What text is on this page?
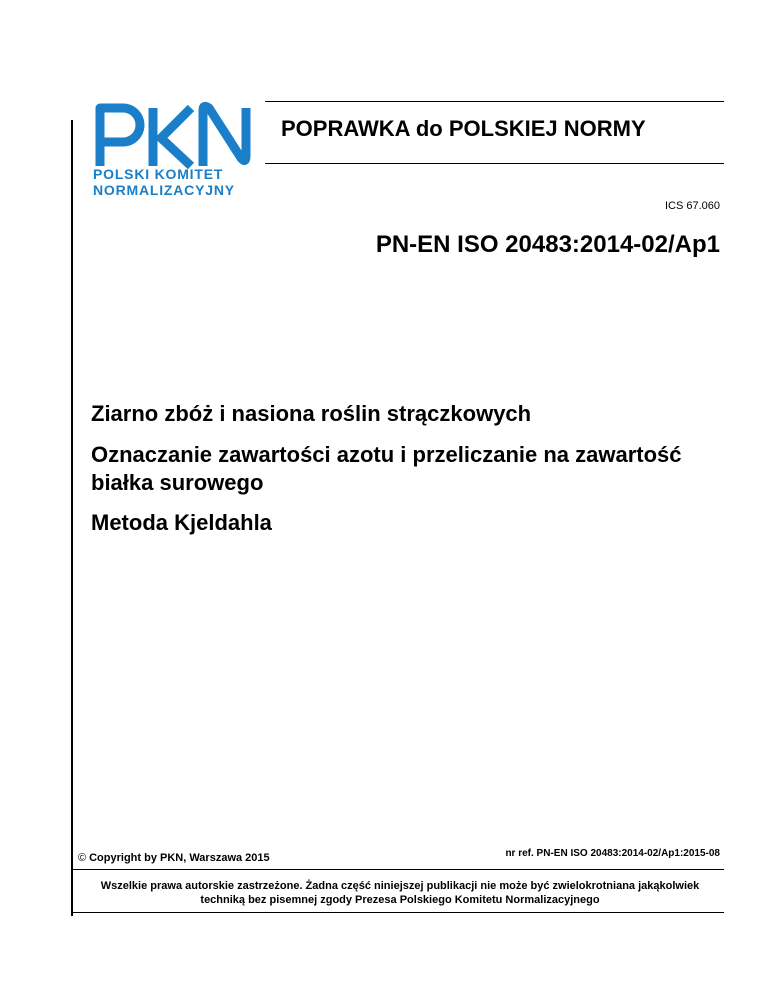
POLSKI KOMITET
NORMALIZACYJNY
POPRAWKA do POLSKIEJ NORMY
ICS 67.060
PN-EN ISO 20483:2014-02/Ap1
Ziarno zbóż i nasiona roślin strączkowych
Oznaczanie zawartości azotu i przeliczanie na zawartość białka surowego
Metoda Kjeldahla
© Copyright by PKN, Warszawa 2015	nr ref. PN-EN ISO 20483:2014-02/Ap1:2015-08
Wszelkie prawa autorskie zastrzeżone. Żadna część niniejszej publikacji nie może być zwielokrotniana jakąkolwiek techniką bez pisemnej zgody Prezesa Polskiego Komitetu Normalizacyjnego
